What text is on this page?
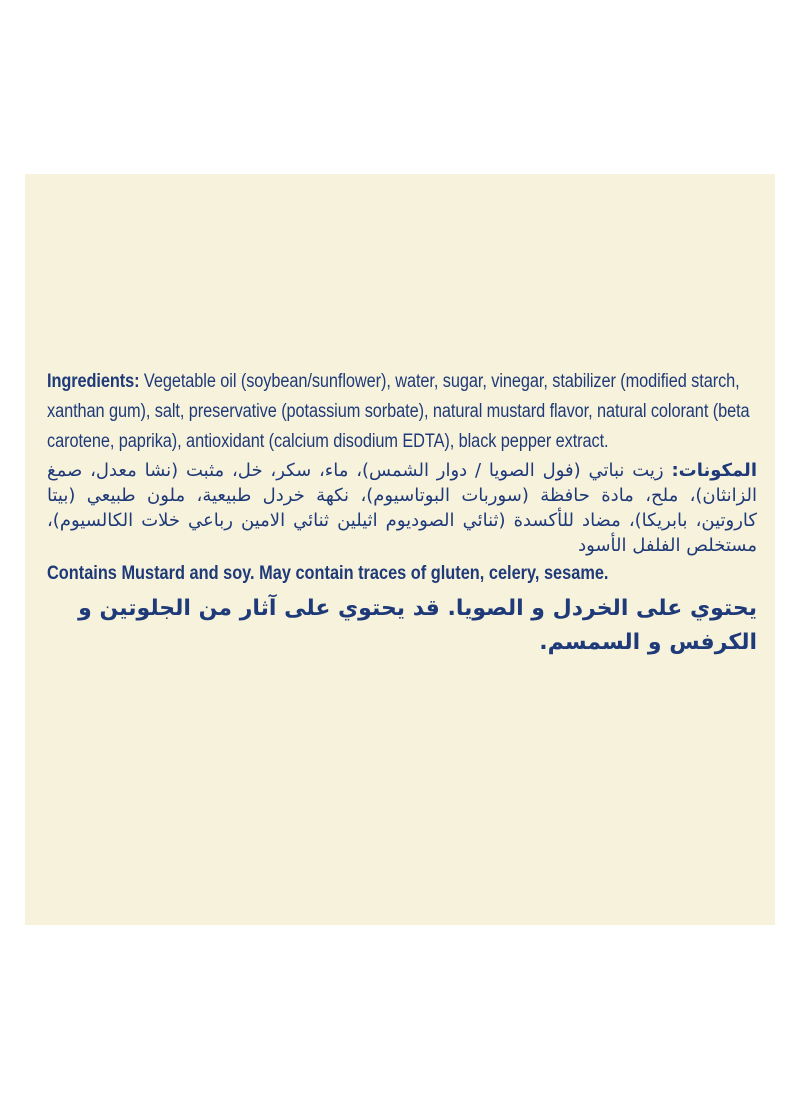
Ingredients: Vegetable oil (soybean/sunflower), water, sugar, vinegar, stabilizer (modified starch, xanthan gum), salt, preservative (potassium sorbate), natural mustard flavor, natural colorant (beta carotene, paprika), antioxidant (calcium disodium EDTA), black pepper extract.
المكونات: زيت نباتي (فول الصويا / دوار الشمس)، ماء، سكر، خل، مثبت (نشا معدل، صمغ الزانثان)، ملح، مادة حافظة (سوربات البوتاسيوم)، نكهة خردل طبيعية، ملون طبيعي (بيتا كاروتين، بابريكا)، مضاد للأكسدة (ثنائي الصوديوم اثيلين ثنائي الامين رباعي خلات الكالسيوم)، مستخلص الفلفل الأسود
Contains Mustard and soy. May contain traces of gluten, celery, sesame.
يحتوي على الخردل و الصويا. قد يحتوي على آثار من الجلوتين و الكرفس و السمسم.
